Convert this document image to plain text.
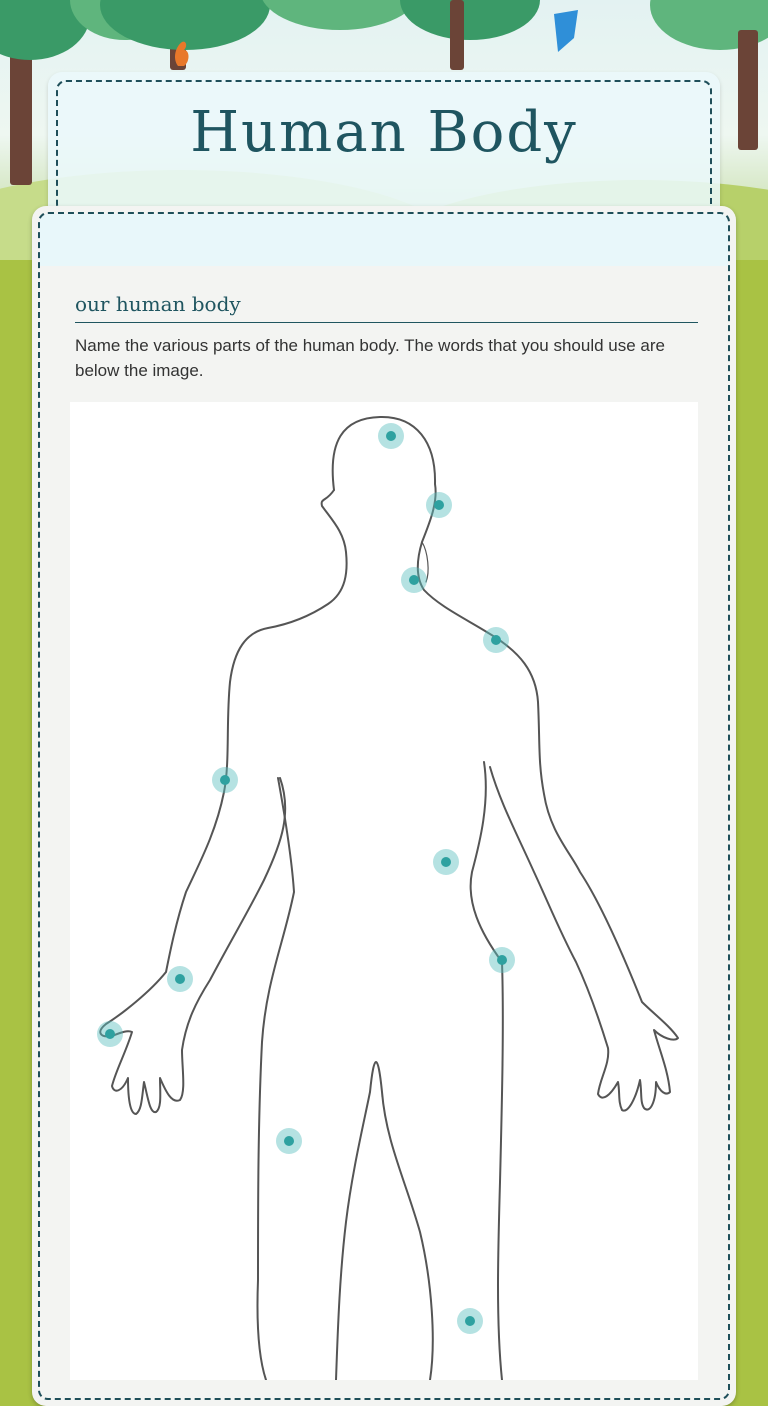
Human Body
our human body
Name the various parts of the human body. The words that you should use are below the image.
